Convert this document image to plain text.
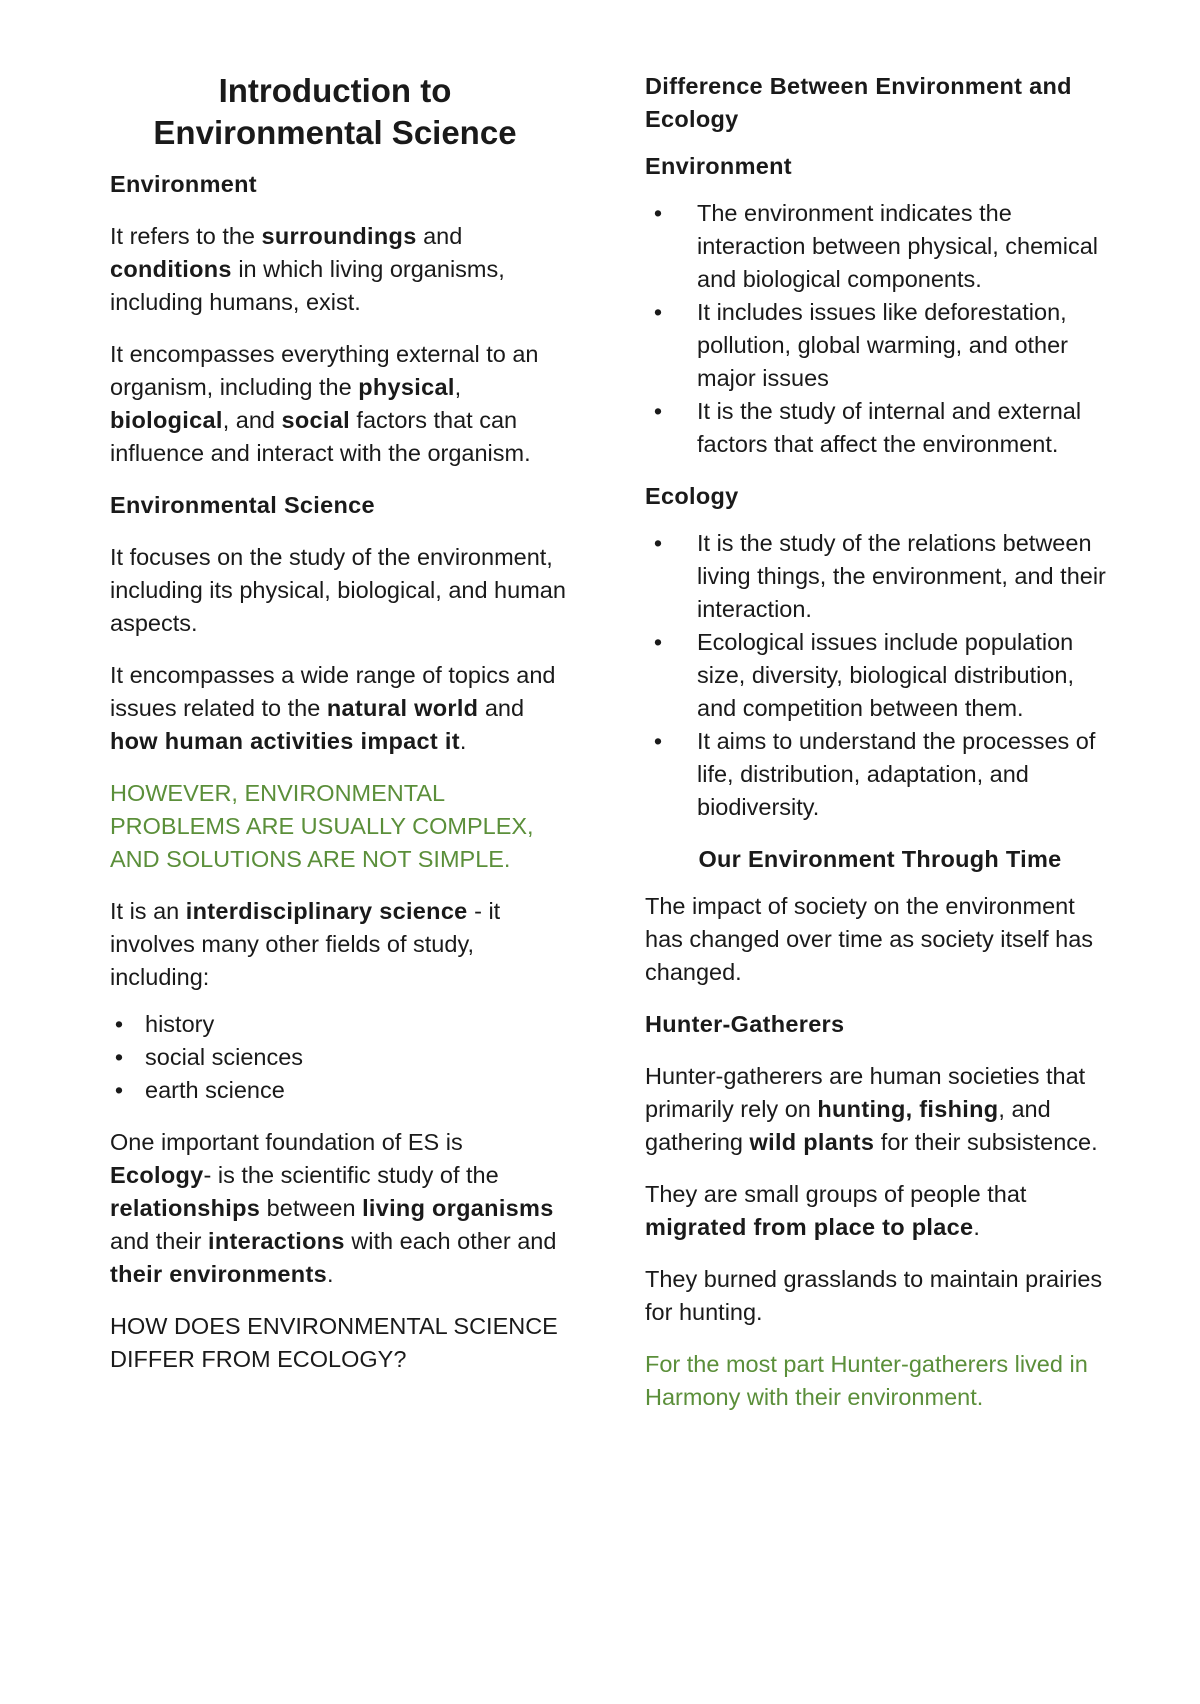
Introduction to
Environmental Science
Environment

It refers to the surroundings and conditions in which living organisms, including humans, exist.

It encompasses everything external to an organism, including the physical, biological, and social factors that can influence and interact with the organism.

Environmental Science

It focuses on the study of the environment, including its physical, biological, and human aspects.

It encompasses a wide range of topics and issues related to the natural world and how human activities impact it.

HOWEVER, ENVIRONMENTAL PROBLEMS ARE USUALLY COMPLEX, AND SOLUTIONS ARE NOT SIMPLE.

It is an interdisciplinary science - it involves many other fields of study, including:

• history
• social sciences
• earth science

One important foundation of ES is Ecology- is the scientific study of the relationships between living organisms and their interactions with each other and their environments.

HOW DOES ENVIRONMENTAL SCIENCE DIFFER FROM ECOLOGY?

Difference Between Environment and Ecology
Environment
• The environment indicates the interaction between physical, chemical and biological components.
• It includes issues like deforestation, pollution, global warming, and other major issues
• It is the study of internal and external factors that affect the environment.
Ecology
• It is the study of the relations between living things, the environment, and their interaction.
• Ecological issues include population size, diversity, biological distribution, and competition between them.
• It aims to understand the processes of life, distribution, adaptation, and biodiversity.
Our Environment Through Time

The impact of society on the environment has changed over time as society itself has changed.

Hunter-Gatherers

Hunter-gatherers are human societies that primarily rely on hunting, fishing, and gathering wild plants for their subsistence.

They are small groups of people that migrated from place to place.

They burned grasslands to maintain prairies for hunting.

For the most part Hunter-gatherers lived in Harmony with their environment.
